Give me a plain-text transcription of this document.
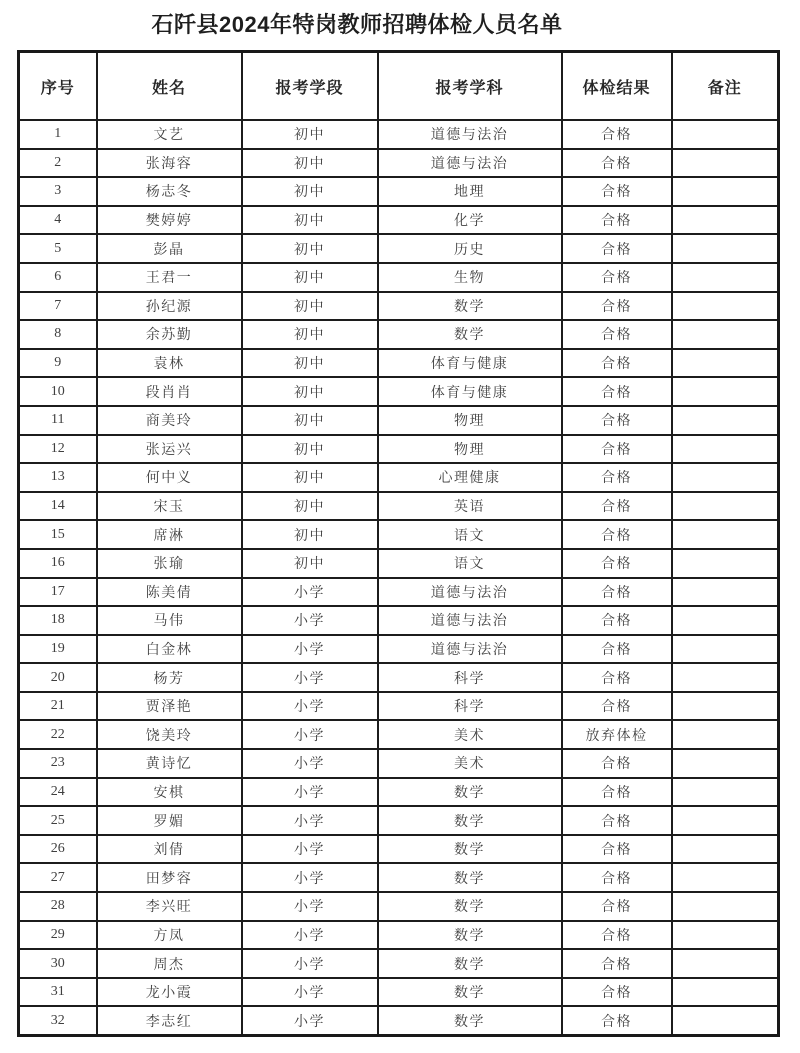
石阡县2024年特岗教师招聘体检人员名单
序号	姓名	报考学段	报考学科	体检结果	备注
1	文艺	初中	道德与法治	合格	
2	张海容	初中	道德与法治	合格	
3	杨志冬	初中	地理	合格	
4	樊婷婷	初中	化学	合格	
5	彭晶	初中	历史	合格	
6	王君一	初中	生物	合格	
7	孙纪源	初中	数学	合格	
8	余苏勤	初中	数学	合格	
9	袁林	初中	体育与健康	合格	
10	段肖肖	初中	体育与健康	合格	
11	商美玲	初中	物理	合格	
12	张运兴	初中	物理	合格	
13	何中义	初中	心理健康	合格	
14	宋玉	初中	英语	合格	
15	席淋	初中	语文	合格	
16	张瑜	初中	语文	合格	
17	陈美倩	小学	道德与法治	合格	
18	马伟	小学	道德与法治	合格	
19	白金林	小学	道德与法治	合格	
20	杨芳	小学	科学	合格	
21	贾泽艳	小学	科学	合格	
22	饶美玲	小学	美术	放弃体检	
23	黄诗忆	小学	美术	合格	
24	安棋	小学	数学	合格	
25	罗媚	小学	数学	合格	
26	刘倩	小学	数学	合格	
27	田梦容	小学	数学	合格	
28	李兴旺	小学	数学	合格	
29	方凤	小学	数学	合格	
30	周杰	小学	数学	合格	
31	龙小霞	小学	数学	合格	
32	李志红	小学	数学	合格	
